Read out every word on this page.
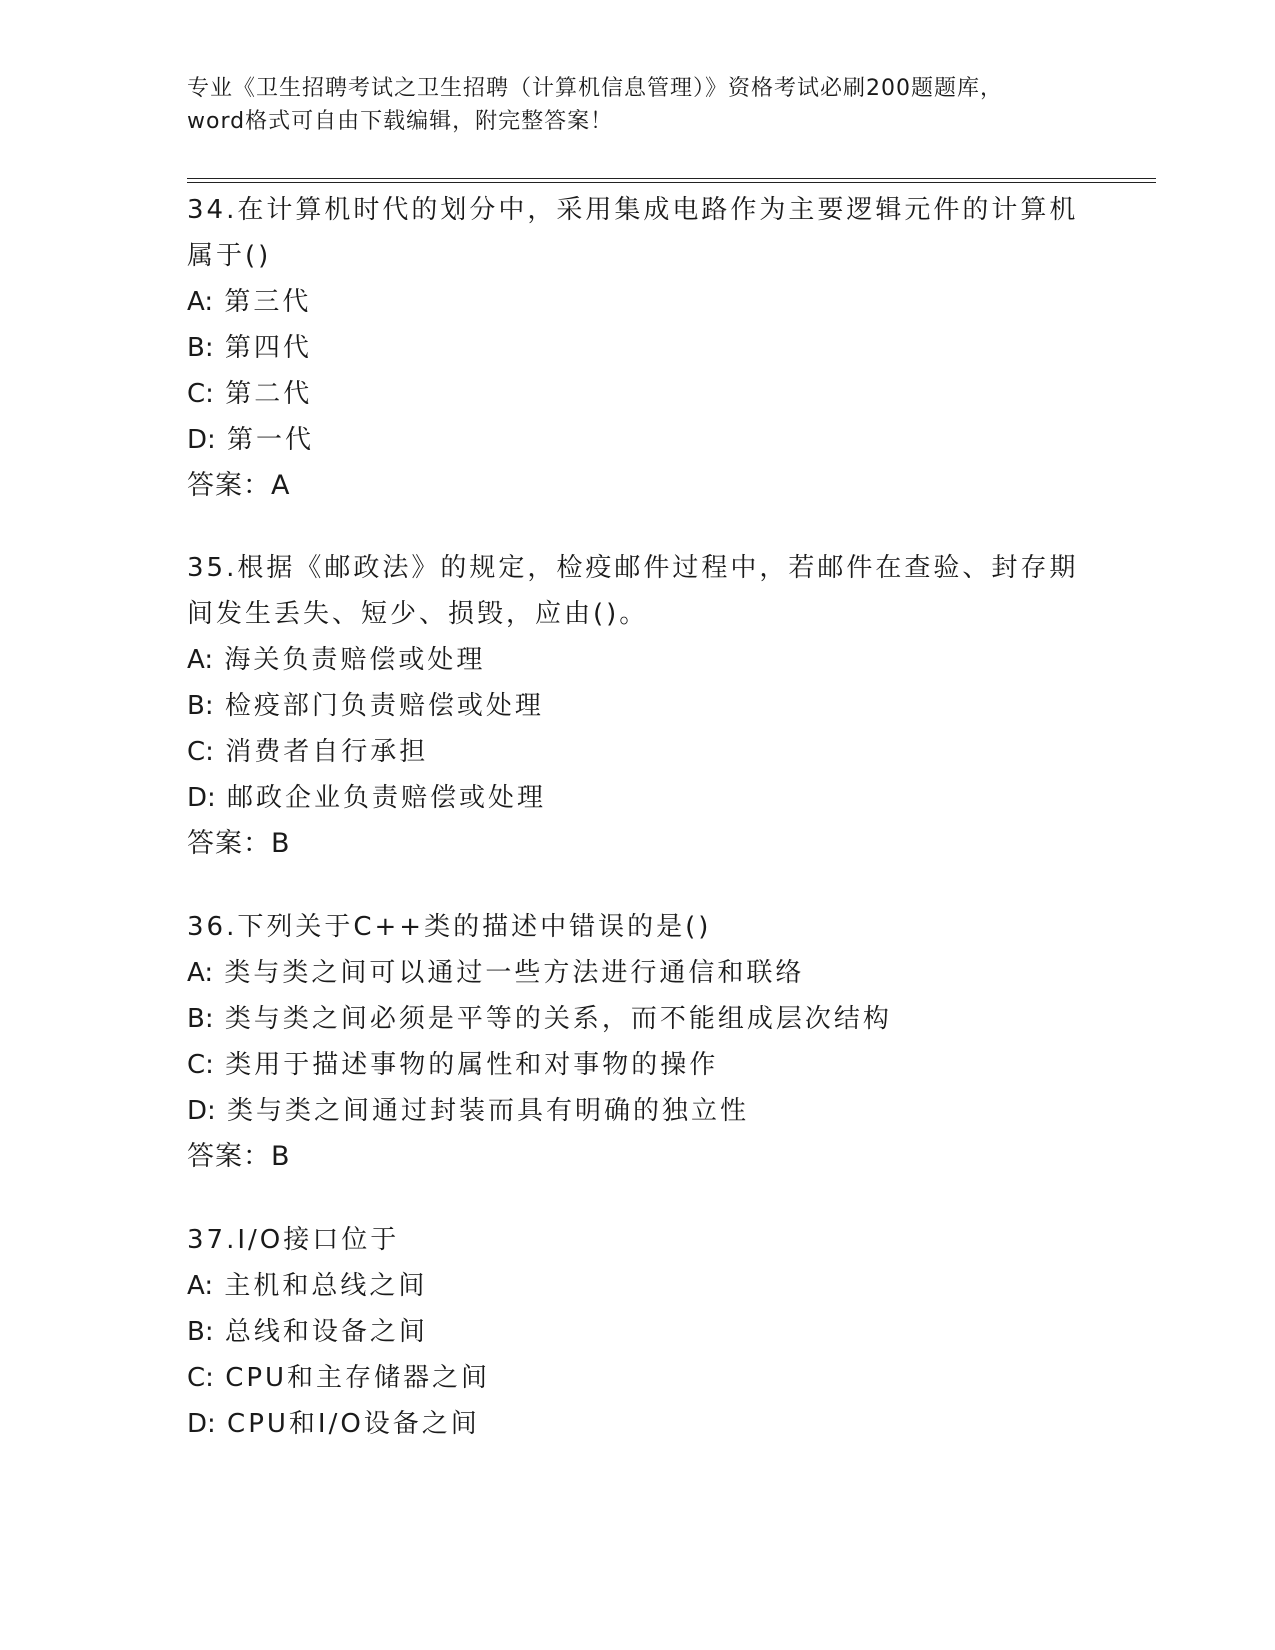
专业《卫生招聘考试之卫生招聘（计算机信息管理）》资格考试必刷200题题库，
word格式可自由下载编辑，附完整答案！
34.在计算机时代的划分中，采用集成电路作为主要逻辑元件的计算机
属于()
A: 第三代
B: 第四代
C: 第二代
D: 第一代
答案：A
35.根据《邮政法》的规定，检疫邮件过程中，若邮件在查验、封存期
间发生丢失、短少、损毁，应由()。
A: 海关负责赔偿或处理
B: 检疫部门负责赔偿或处理
C: 消费者自行承担
D: 邮政企业负责赔偿或处理
答案：B
36.下列关于C++类的描述中错误的是()
A: 类与类之间可以通过一些方法进行通信和联络
B: 类与类之间必须是平等的关系，而不能组成层次结构
C: 类用于描述事物的属性和对事物的操作
D: 类与类之间通过封装而具有明确的独立性
答案：B
37.I/O接口位于
A: 主机和总线之间
B: 总线和设备之间
C: CPU和主存储器之间
D: CPU和I/O设备之间
